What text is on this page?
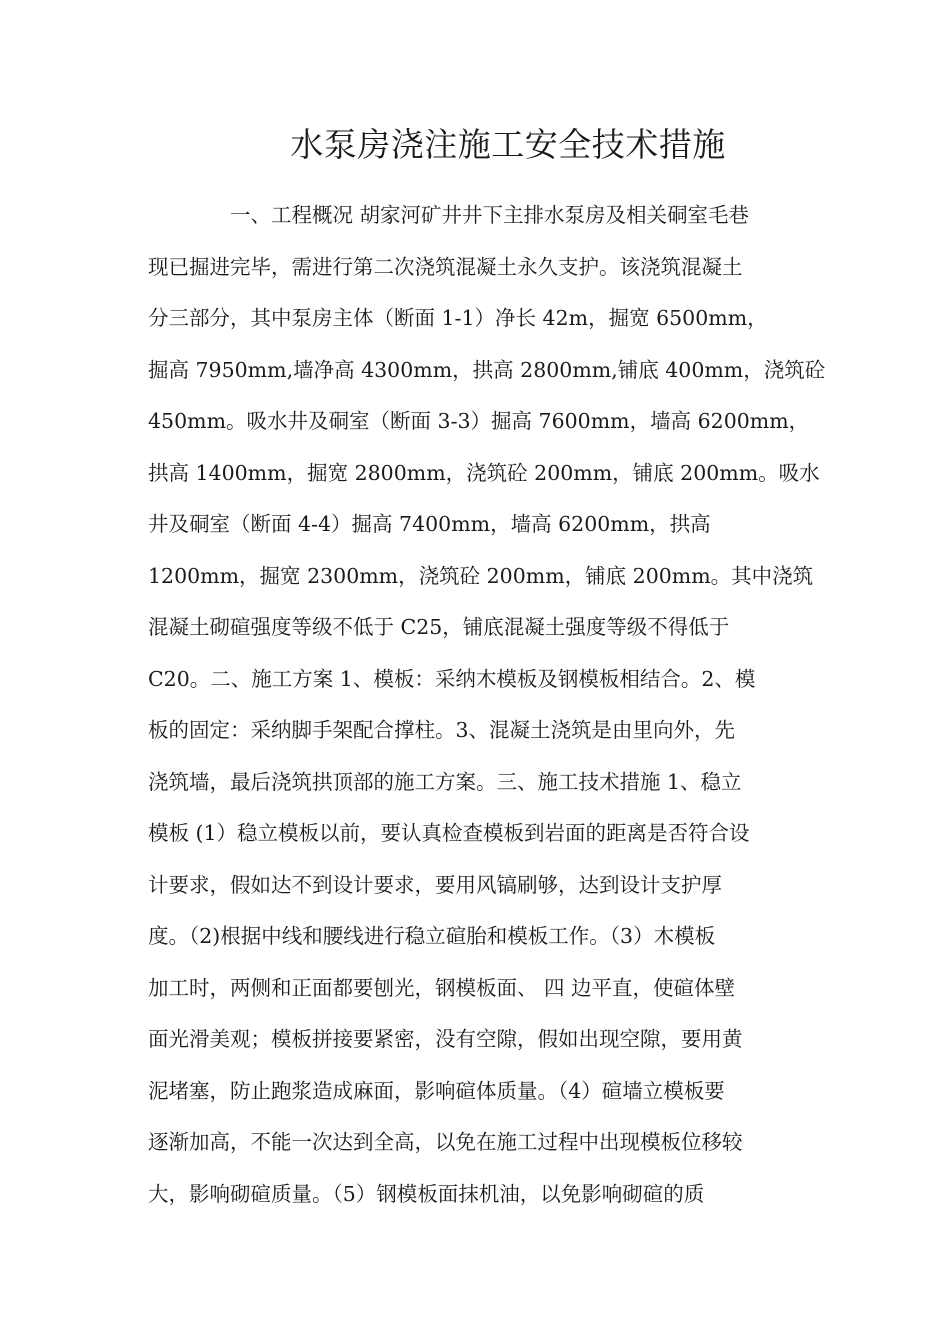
水泵房浇注施工安全技术措施
一、工程概况 胡家河矿井井下主排水泵房及相关硐室毛巷
现已掘进完毕，需进行第二次浇筑混凝土永久支护。该浇筑混凝土
分三部分，其中泵房主体（断面 1-1）净长 42m，掘宽 6500mm，
掘高 7950mm,墙净高 4300mm，拱高 2800mm,铺底 400mm，浇筑砼
450mm。吸水井及硐室（断面 3-3）掘高 7600mm，墙高 6200mm，
拱高 1400mm，掘宽 2800mm，浇筑砼 200mm，铺底 200mm。吸水
井及硐室（断面 4-4）掘高 7400mm，墙高 6200mm，拱高
1200mm，掘宽 2300mm，浇筑砼 200mm，铺底 200mm。其中浇筑
混凝土砌碹强度等级不低于 C25，铺底混凝土强度等级不得低于
C20。二、施工方案 1、模板：采纳木模板及钢模板相结合。2、模
板的固定：采纳脚手架配合撑柱。3、混凝土浇筑是由里向外，先
浇筑墙，最后浇筑拱顶部的施工方案。三、施工技术措施 1、稳立
模板 (1）稳立模板以前，要认真检查模板到岩面的距离是否符合设
计要求，假如达不到设计要求，要用风镐刷够，达到设计支护厚
度。（2)根据中线和腰线进行稳立碹胎和模板工作。（3）木模板
加工时，两侧和正面都要刨光，钢模板面、 四 边平直，使碹体壁
面光滑美观；模板拼接要紧密，没有空隙，假如出现空隙，要用黄
泥堵塞，防止跑浆造成麻面，影响碹体质量。（4）碹墙立模板要
逐渐加高，不能一次达到全高，以免在施工过程中出现模板位移较
大，影响砌碹质量。（5）钢模板面抹机油，以免影响砌碹的质
